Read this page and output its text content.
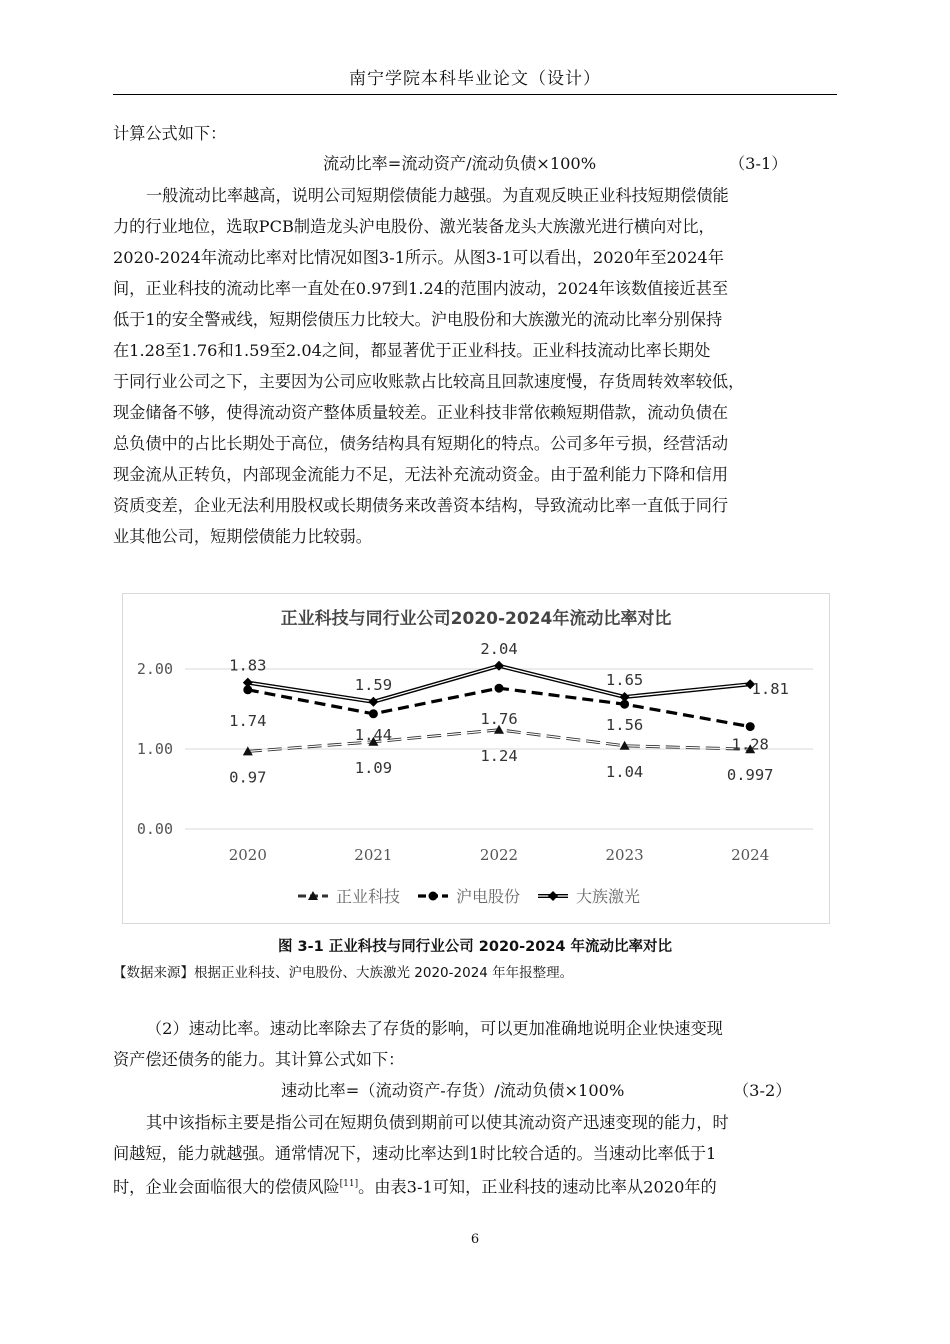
南宁学院本科毕业论文（设计）
计算公式如下：
流动比率=流动资产/流动负债×100%	（3-1）
一般流动比率越高，说明公司短期偿债能力越强。为直观反映正业科技短期偿债能
力的行业地位，选取PCB制造龙头沪电股份、激光装备龙头大族激光进行横向对比，
2020-2024年流动比率对比情况如图3-1所示。从图3-1可以看出，2020年至2024年
间，正业科技的流动比率一直处在0.97到1.24的范围内波动，2024年该数值接近甚至
低于1的安全警戒线，短期偿债压力比较大。沪电股份和大族激光的流动比率分别保持
在1.28至1.76和1.59至2.04之间，都显著优于正业科技。正业科技流动比率长期处
于同行业公司之下，主要因为公司应收账款占比较高且回款速度慢，存货周转效率较低，
现金储备不够，使得流动资产整体质量较差。正业科技非常依赖短期借款，流动负债在
总负债中的占比长期处于高位，债务结构具有短期化的特点。公司多年亏损，经营活动
现金流从正转负，内部现金流能力不足，无法补充流动资金。由于盈利能力下降和信用
资质变差，企业无法利用股权或长期债务来改善资本结构，导致流动比率一直低于同行
业其他公司，短期偿债能力比较弱。
正业科技与同行业公司2020-2024年流动比率对比
0.00
1.00
2.00
2020	2021	2022	2023	2024
1.83
1.59
2.04
1.65
1.81
1.74
1.44
1.76	1.56
1.28
0.97
1.09
1.24
1.04	0.997
正业科技	沪电股份	大族激光
图 3-1 正业科技与同行业公司 2020-2024 年流动比率对比
【数据来源】根据正业科技、沪电股份、大族激光 2020-2024 年年报整理。
（2）速动比率。速动比率除去了存货的影响，可以更加准确地说明企业快速变现
资产偿还债务的能力。其计算公式如下：
速动比率=（流动资产-存货）/流动负债×100%	（3-2）
其中该指标主要是指公司在短期负债到期前可以使其流动资产迅速变现的能力，时
间越短，能力就越强。通常情况下，速动比率达到1时比较合适的。当速动比率低于1
时，企业会面临很大的偿债风险[11]。由表3-1可知，正业科技的速动比率从2020年的
6
